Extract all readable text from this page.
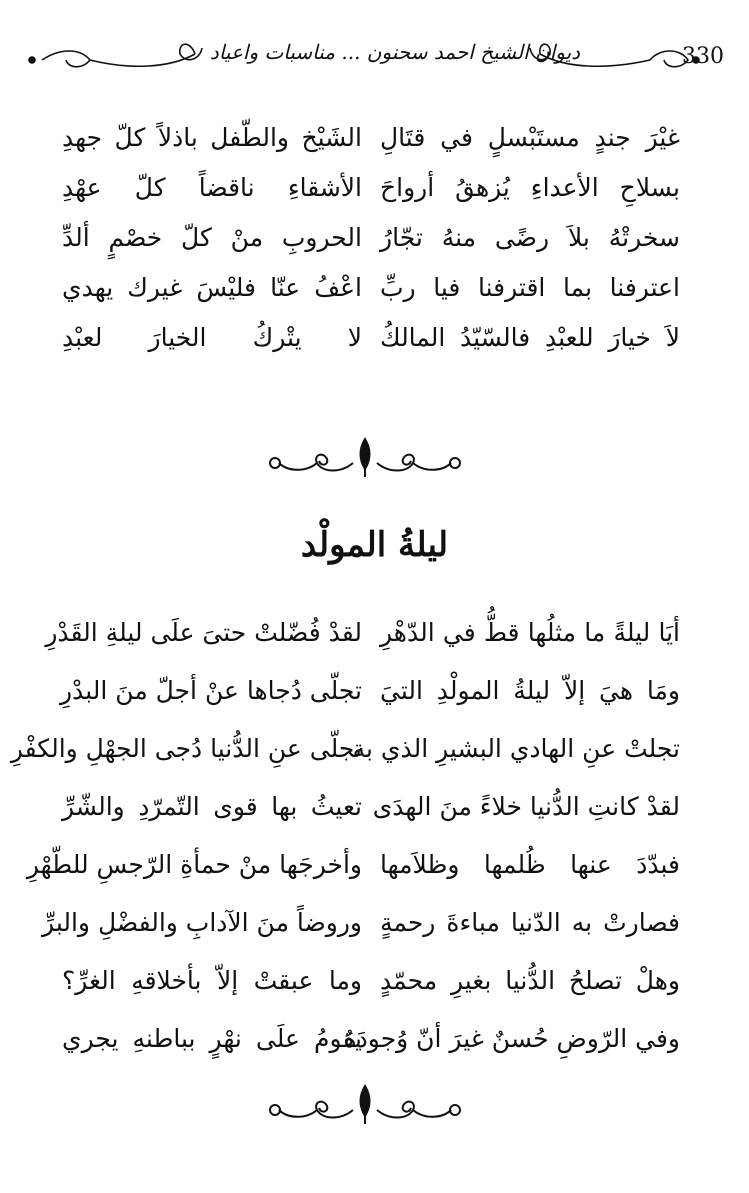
ديوان الشيخ احمد سحنون ... مناسبات واعياد	330
غيْرَ جندٍ مستَبْسلٍ في قتَالِ
الشَيْخ والطّفل باذلاً كلّ جهدِ
بسلاحِ الأعداءِ يُزهقُ أرواحَ
الأشقاءِ ناقضاً كلّ عهْدِ
سخرتْهُ بلاَ رضًى منهُ تجّارُ
الحروبِ منْ كلّ خصْمٍ ألدِّ
اعترفنا بما اقترفنا فيا ربِّ
اعْفُ عنّا فليْسَ غيرك يهدي
لاَ خيارَ للعبْدِ فالسّيّدُ المالكُ
لا يتْركُ الخيارَ لعبْدِ
ليلةُ المولْد
أيَا ليلةً ما مثلُها قطُّ في الدّهْرِ
لقدْ فُضّلتْ حتىَ علَى ليلةِ القَدْرِ
ومَا هيَ إلاّ ليلةُ المولْدِ التيَ
تجلّى دُجاها عنْ أجلّ منَ البدْرِ
تجلتْ عنِ الهادي البشيرِ الذي به
تجلّى عنِ الدُّنيا دُجى الجهْلِ والكفْرِ
لقدْ كانتِ الدُّنيا خلاءً منَ الهدَى
تعيثُ بها قوى التّمرّدِ والشّرِّ
فبدّدَ عنها ظُلمها وظلاَمها
وأخرجَها منْ حمأةِ الرّجسِ للطّهْرِ
فصارتْ به الدّنيا مباءةَ رحمةٍ
وروضاً منَ الآدابِ والفضْلِ والبرِّ
وهلْ تصلحُ الدُّنيا بغيرِ محمّدٍ
وما عبقتْ إلاّ بأخلاقهِ الغرِّ؟
وفي الرّوضِ حُسنٌ غيرَ أنّ وُجودَهُ
يقومُ علَى نهْرٍ بباطنهِ يجري
